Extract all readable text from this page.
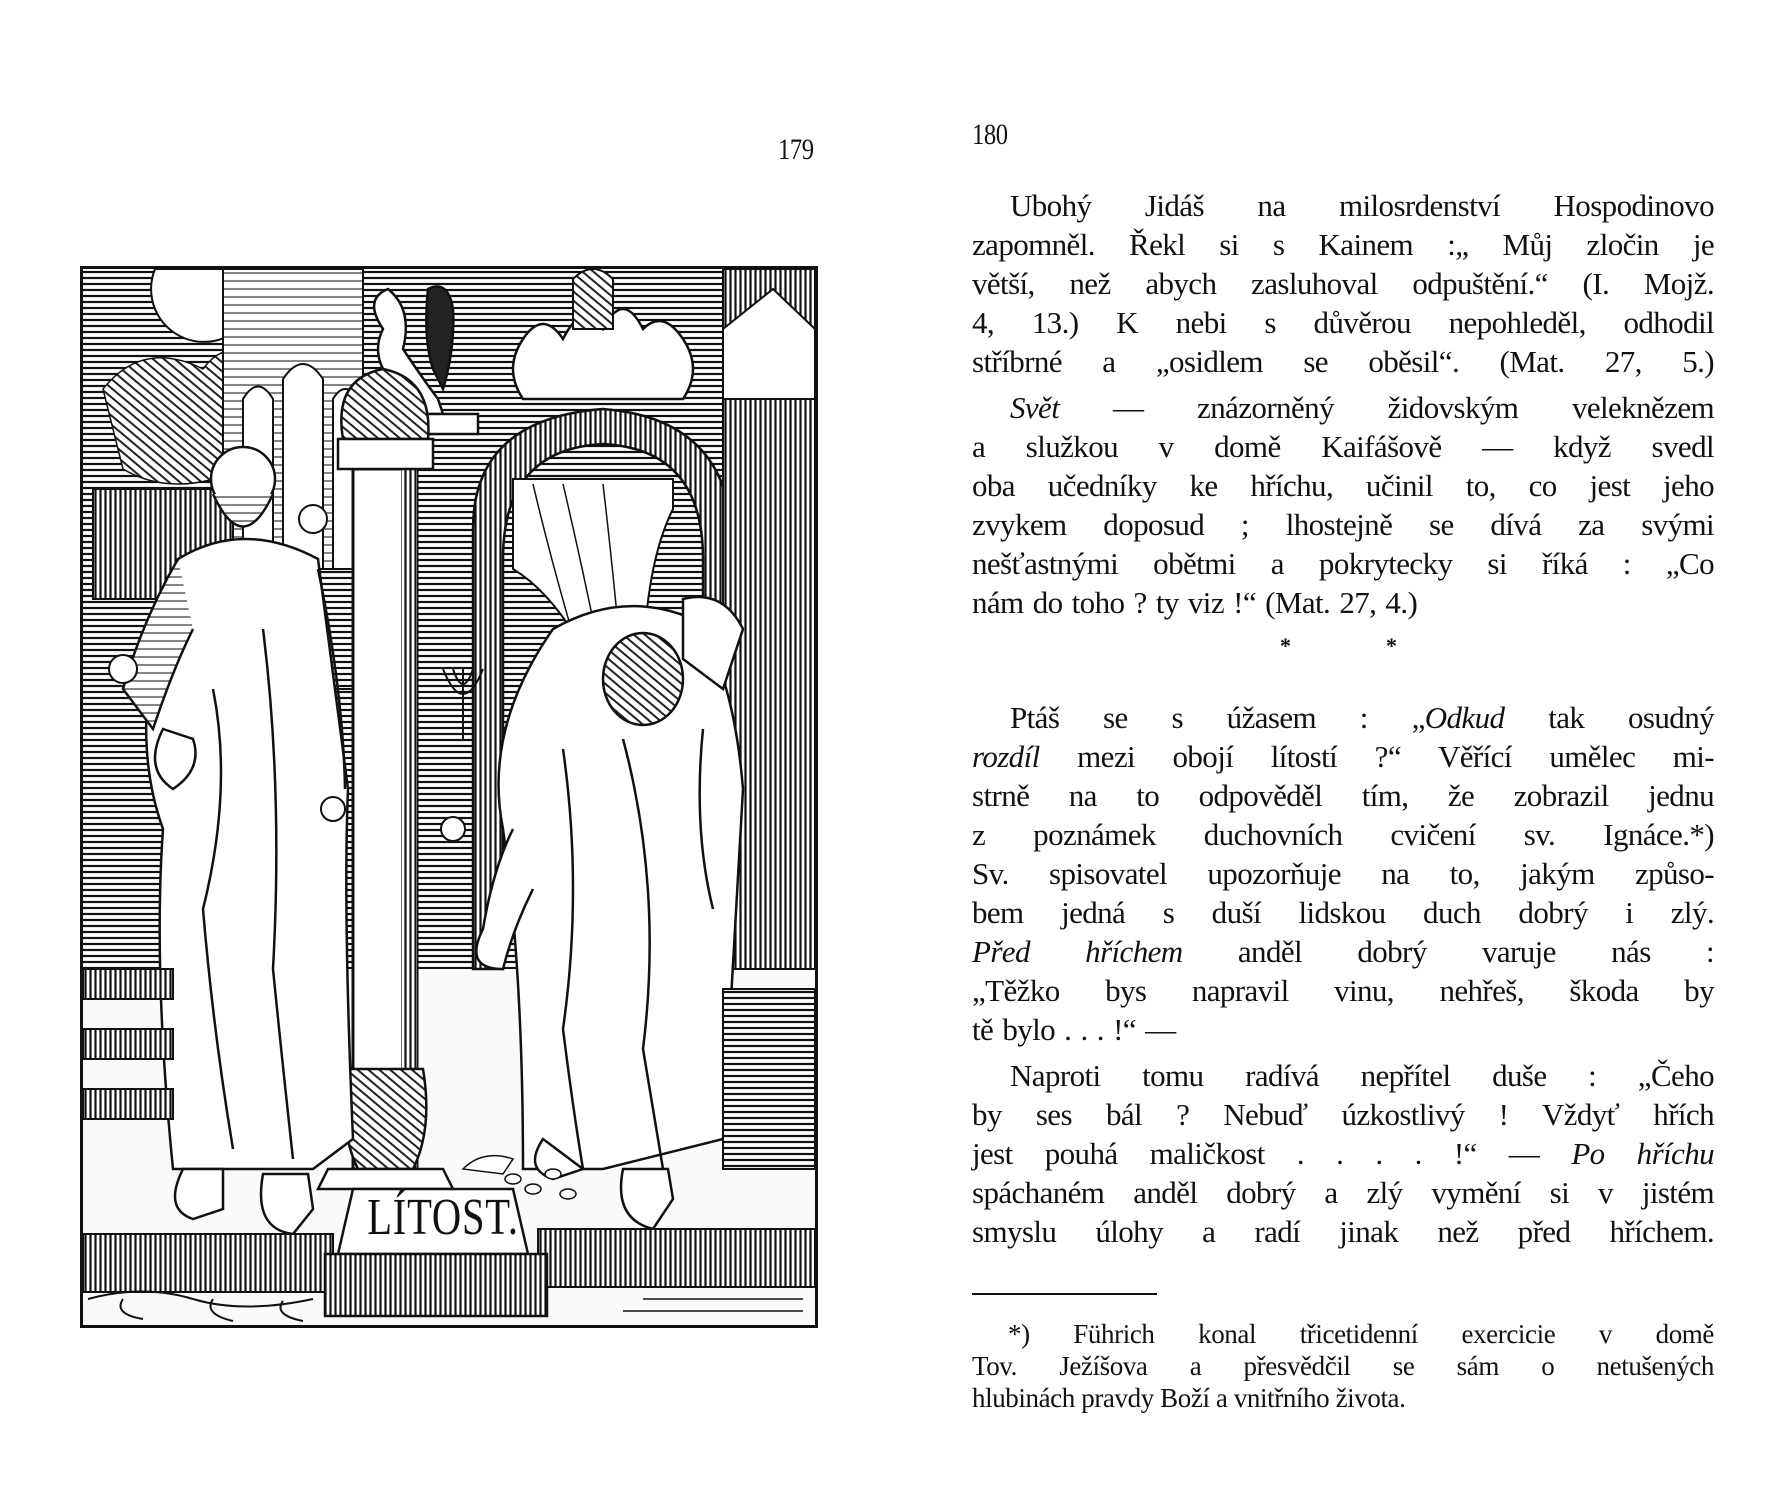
179
LÍTOST.
180
Ubohý Jidáš na milosrdenství Hospodinovo
zapomněl. Řekl si s Kainem :„ Můj zločin je
větší, než abych zasluhoval odpuštění.“ (I. Mojž.
4, 13.) K nebi s důvěrou nepohleděl, odhodil
stříbrné a „osidlem se oběsil“. (Mat. 27, 5.)
Svět — znázorněný židovským veleknězem
a služkou v domě Kaifášově — když svedl
oba učedníky ke hříchu, učinil to, co jest jeho
zvykem doposud ; lhostejně se dívá za svými
nešťastnými obětmi a pokrytecky si říká : „Co
nám do toho ? ty viz !“ (Mat. 27, 4.)
*	*
Ptáš se s úžasem : „Odkud tak osudný
rozdíl mezi obojí lítostí ?“ Věřící umělec mi-
strně na to odpověděl tím, že zobrazil jednu
z poznámek duchovních cvičení sv. Ignáce.*)
Sv. spisovatel upozorňuje na to, jakým způso-
bem jedná s duší lidskou duch dobrý i zlý.
Před hříchem anděl dobrý varuje nás :
„Těžko bys napravil vinu, nehřeš, škoda by
tě bylo . . . !“ —
Naproti tomu radívá nepřítel duše : „Čeho
by ses bál ? Nebuď úzkostlivý ! Vždyť hřích
jest pouhá maličkost . . . . !“ — Po hříchu
spáchaném anděl dobrý a zlý vymění si v jistém
smyslu úlohy a radí jinak než před hříchem.
*) Führich konal třicetidenní exercicie v domě
Tov. Ježíšova a přesvědčil se sám o netušených
hlubinách pravdy Boží a vnitřního života.
